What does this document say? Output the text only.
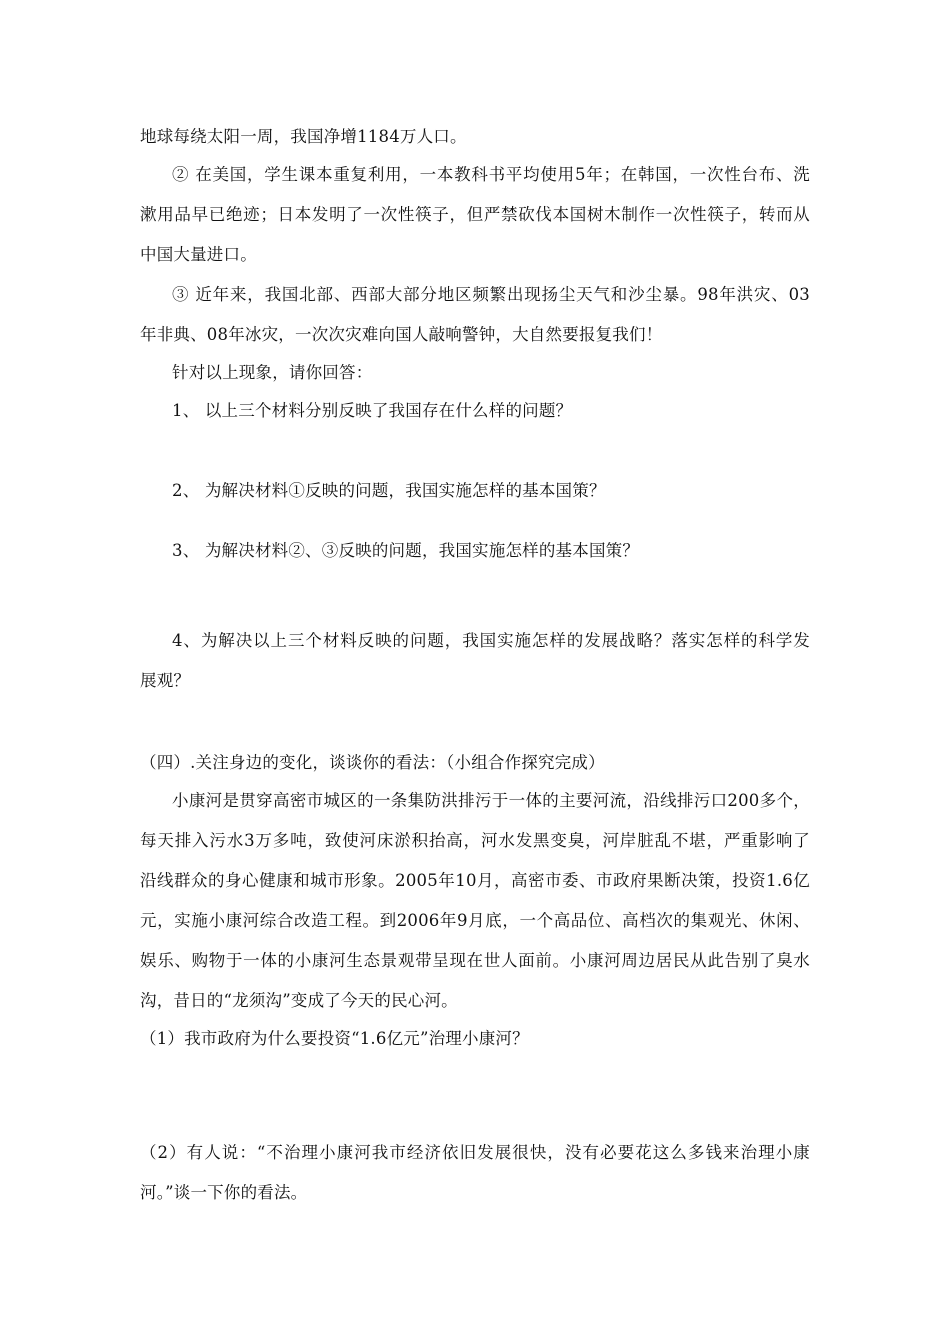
地球每绕太阳一周，我国净增1184万人口。
② 在美国，学生课本重复利用，一本教科书平均使用5年；在韩国，一次性台布、洗
漱用品早已绝迹；日本发明了一次性筷子，但严禁砍伐本国树木制作一次性筷子，转而从
中国大量进口。
③ 近年来，我国北部、西部大部分地区频繁出现扬尘天气和沙尘暴。98年洪灾、03
年非典、08年冰灾，一次次灾难向国人敲响警钟，大自然要报复我们！
针对以上现象，请你回答：
1、 以上三个材料分别反映了我国存在什么样的问题？
2、 为解决材料①反映的问题，我国实施怎样的基本国策？
3、 为解决材料②、③反映的问题，我国实施怎样的基本国策？
4、为解决以上三个材料反映的问题，我国实施怎样的发展战略？落实怎样的科学发
展观？
（四）.关注身边的变化，谈谈你的看法：（小组合作探究完成）
小康河是贯穿高密市城区的一条集防洪排污于一体的主要河流，沿线排污口200多个，
每天排入污水3万多吨，致使河床淤积抬高，河水发黑变臭，河岸脏乱不堪，严重影响了
沿线群众的身心健康和城市形象。2005年10月，高密市委、市政府果断决策，投资1.6亿
元，实施小康河综合改造工程。到2006年9月底，一个高品位、高档次的集观光、休闲、
娱乐、购物于一体的小康河生态景观带呈现在世人面前。小康河周边居民从此告别了臭水
沟，昔日的“龙须沟”变成了今天的民心河。
（1）我市政府为什么要投资“1.6亿元”治理小康河？
（2）有人说：“不治理小康河我市经济依旧发展很快，没有必要花这么多钱来治理小康
河。”谈一下你的看法。
